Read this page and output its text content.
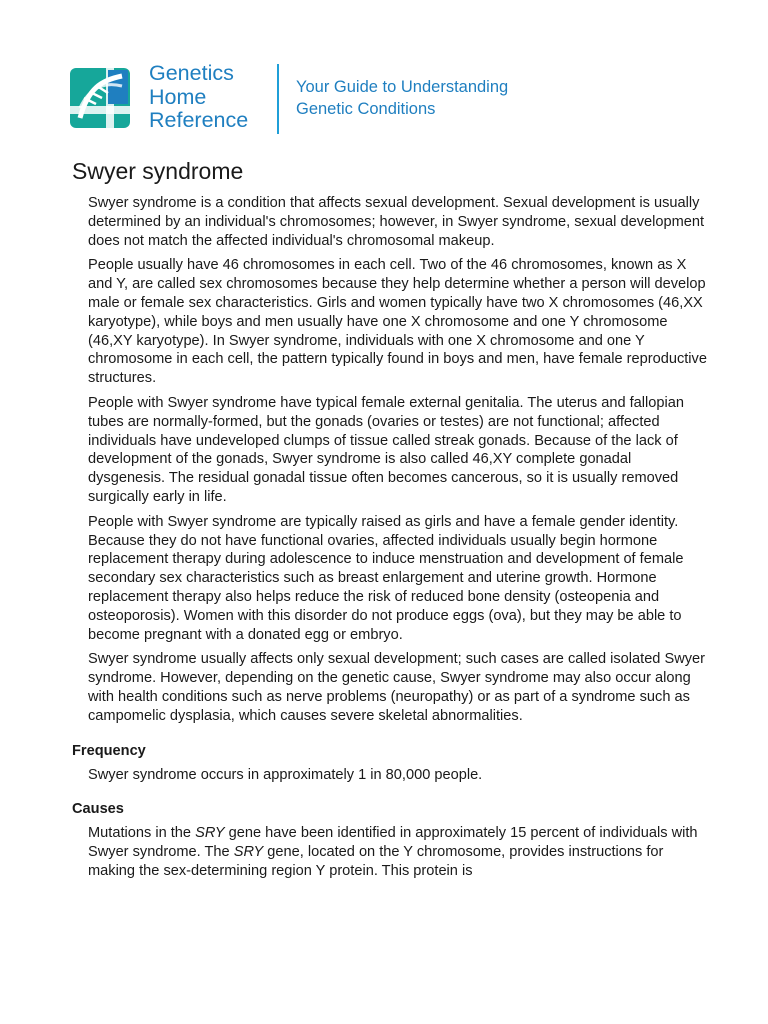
Genetics
Home
Reference
Your Guide to Understanding
Genetic Conditions
Swyer syndrome

Swyer syndrome is a condition that affects sexual development. Sexual development is usually determined by an individual's chromosomes; however, in Swyer syndrome, sexual development does not match the affected individual's chromosomal makeup.

People usually have 46 chromosomes in each cell. Two of the 46 chromosomes, known as X and Y, are called sex chromosomes because they help determine whether a person will develop male or female sex characteristics. Girls and women typically have two X chromosomes (46,XX karyotype), while boys and men usually have one X chromosome and one Y chromosome (46,XY karyotype). In Swyer syndrome, individuals with one X chromosome and one Y chromosome in each cell, the pattern typically found in boys and men, have female reproductive structures.

People with Swyer syndrome have typical female external genitalia. The uterus and fallopian tubes are normally-formed, but the gonads (ovaries or testes) are not functional; affected individuals have undeveloped clumps of tissue called streak gonads. Because of the lack of development of the gonads, Swyer syndrome is also called 46,XY complete gonadal dysgenesis. The residual gonadal tissue often becomes cancerous, so it is usually removed surgically early in life.

People with Swyer syndrome are typically raised as girls and have a female gender identity. Because they do not have functional ovaries, affected individuals usually begin hormone replacement therapy during adolescence to induce menstruation and development of female secondary sex characteristics such as breast enlargement and uterine growth. Hormone replacement therapy also helps reduce the risk of reduced bone density (osteopenia and osteoporosis). Women with this disorder do not produce eggs (ova), but they may be able to become pregnant with a donated egg or embryo.

Swyer syndrome usually affects only sexual development; such cases are called isolated Swyer syndrome. However, depending on the genetic cause, Swyer syndrome may also occur along with health conditions such as nerve problems (neuropathy) or as part of a syndrome such as campomelic dysplasia, which causes severe skeletal abnormalities.

Frequency

Swyer syndrome occurs in approximately 1 in 80,000 people.

Causes

Mutations in the SRY gene have been identified in approximately 15 percent of individuals with Swyer syndrome. The SRY gene, located on the Y chromosome, provides instructions for making the sex-determining region Y protein. This protein is
